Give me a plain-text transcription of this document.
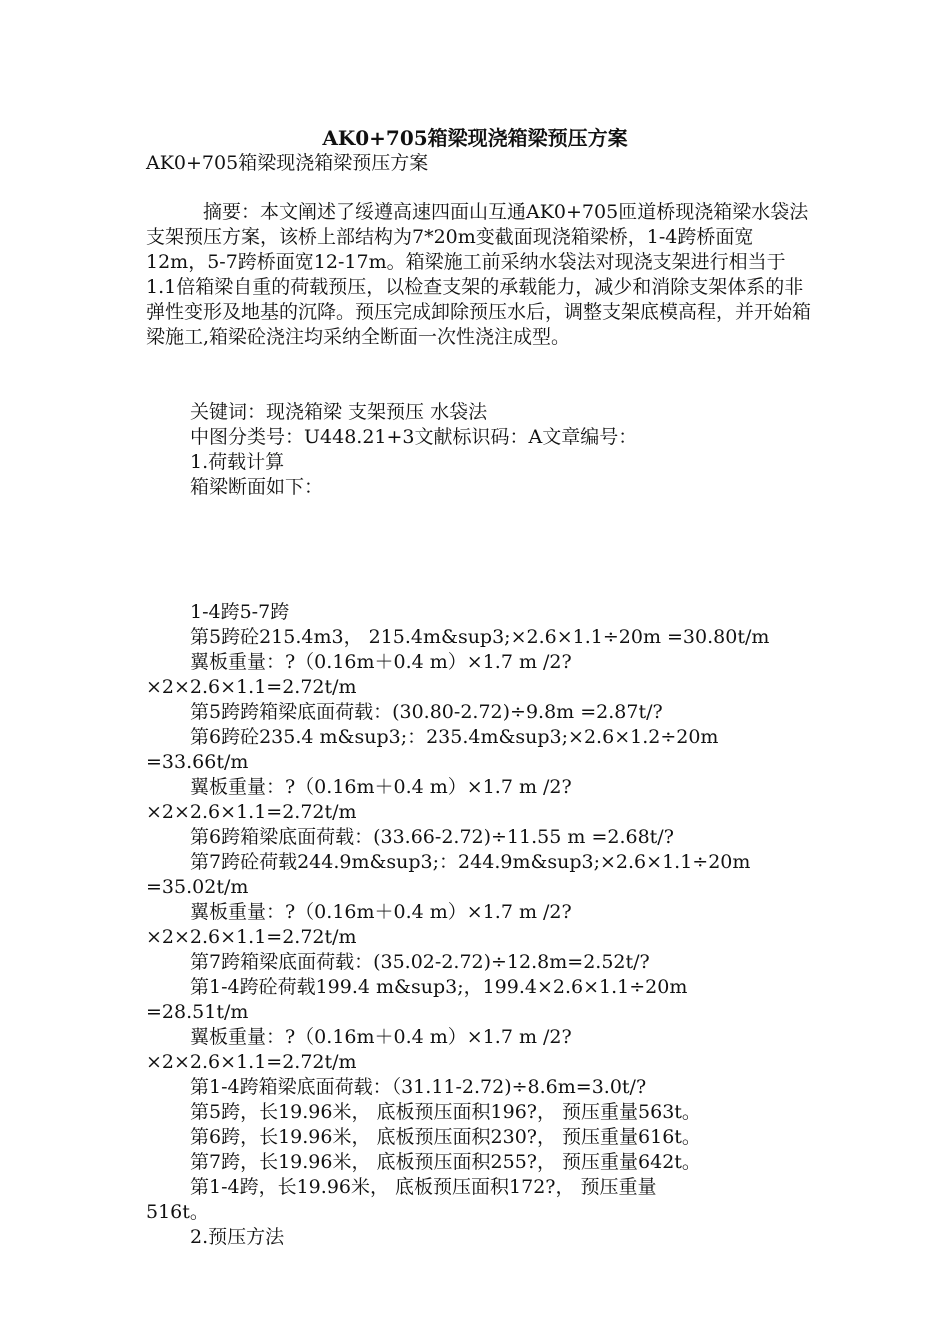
AK0+705箱梁现浇箱梁预压方案
AK0+705箱梁现浇箱梁预压方案
摘要：本文阐述了绥遵高速四面山互通AK0+705匝道桥现浇箱梁水袋法支架预压方案，该桥上部结构为7*20m变截面现浇箱梁桥，1-4跨桥面宽12m，5-7跨桥面宽12-17m。箱梁施工前采纳水袋法对现浇支架进行相当于1.1倍箱梁自重的荷载预压，以检查支架的承载能力，减少和消除支架体系的非弹性变形及地基的沉降。预压完成卸除预压水后，调整支架底模高程，并开始箱梁施工,箱梁砼浇注均采纳全断面一次性浇注成型。
关键词：现浇箱梁 支架预压 水袋法
中图分类号：U448.21+3文献标识码：A文章编号：
1.荷载计算
箱梁断面如下：
1-4跨5-7跨
第5跨砼215.4m3， 215.4m&sup3;×2.6×1.1÷20m =30.80t/m
翼板重量：?（0.16m＋0.4 m）×1.7 m /2?
×2×2.6×1.1=2.72t/m
第5跨跨箱梁底面荷载：(30.80-2.72)÷9.8m =2.87t/?
第6跨砼235.4 m&sup3;：235.4m&sup3;×2.6×1.2÷20m
=33.66t/m
翼板重量：?（0.16m＋0.4 m）×1.7 m /2?
×2×2.6×1.1=2.72t/m
第6跨箱梁底面荷载：(33.66-2.72)÷11.55 m =2.68t/?
第7跨砼荷载244.9m&sup3;：244.9m&sup3;×2.6×1.1÷20m
=35.02t/m
翼板重量：?（0.16m＋0.4 m）×1.7 m /2?
×2×2.6×1.1=2.72t/m
第7跨箱梁底面荷载：(35.02-2.72)÷12.8m=2.52t/?
第1-4跨砼荷载199.4 m&sup3;，199.4×2.6×1.1÷20m
=28.51t/m
翼板重量：?（0.16m＋0.4 m）×1.7 m /2?
×2×2.6×1.1=2.72t/m
第1-4跨箱梁底面荷载：（31.11-2.72)÷8.6m=3.0t/?
第5跨，长19.96米， 底板预压面积196?， 预压重量563t。
第6跨，长19.96米， 底板预压面积230?， 预压重量616t。
第7跨，长19.96米， 底板预压面积255?， 预压重量642t。
第1-4跨，长19.96米， 底板预压面积172?， 预压重量
516t。
2.预压方法
